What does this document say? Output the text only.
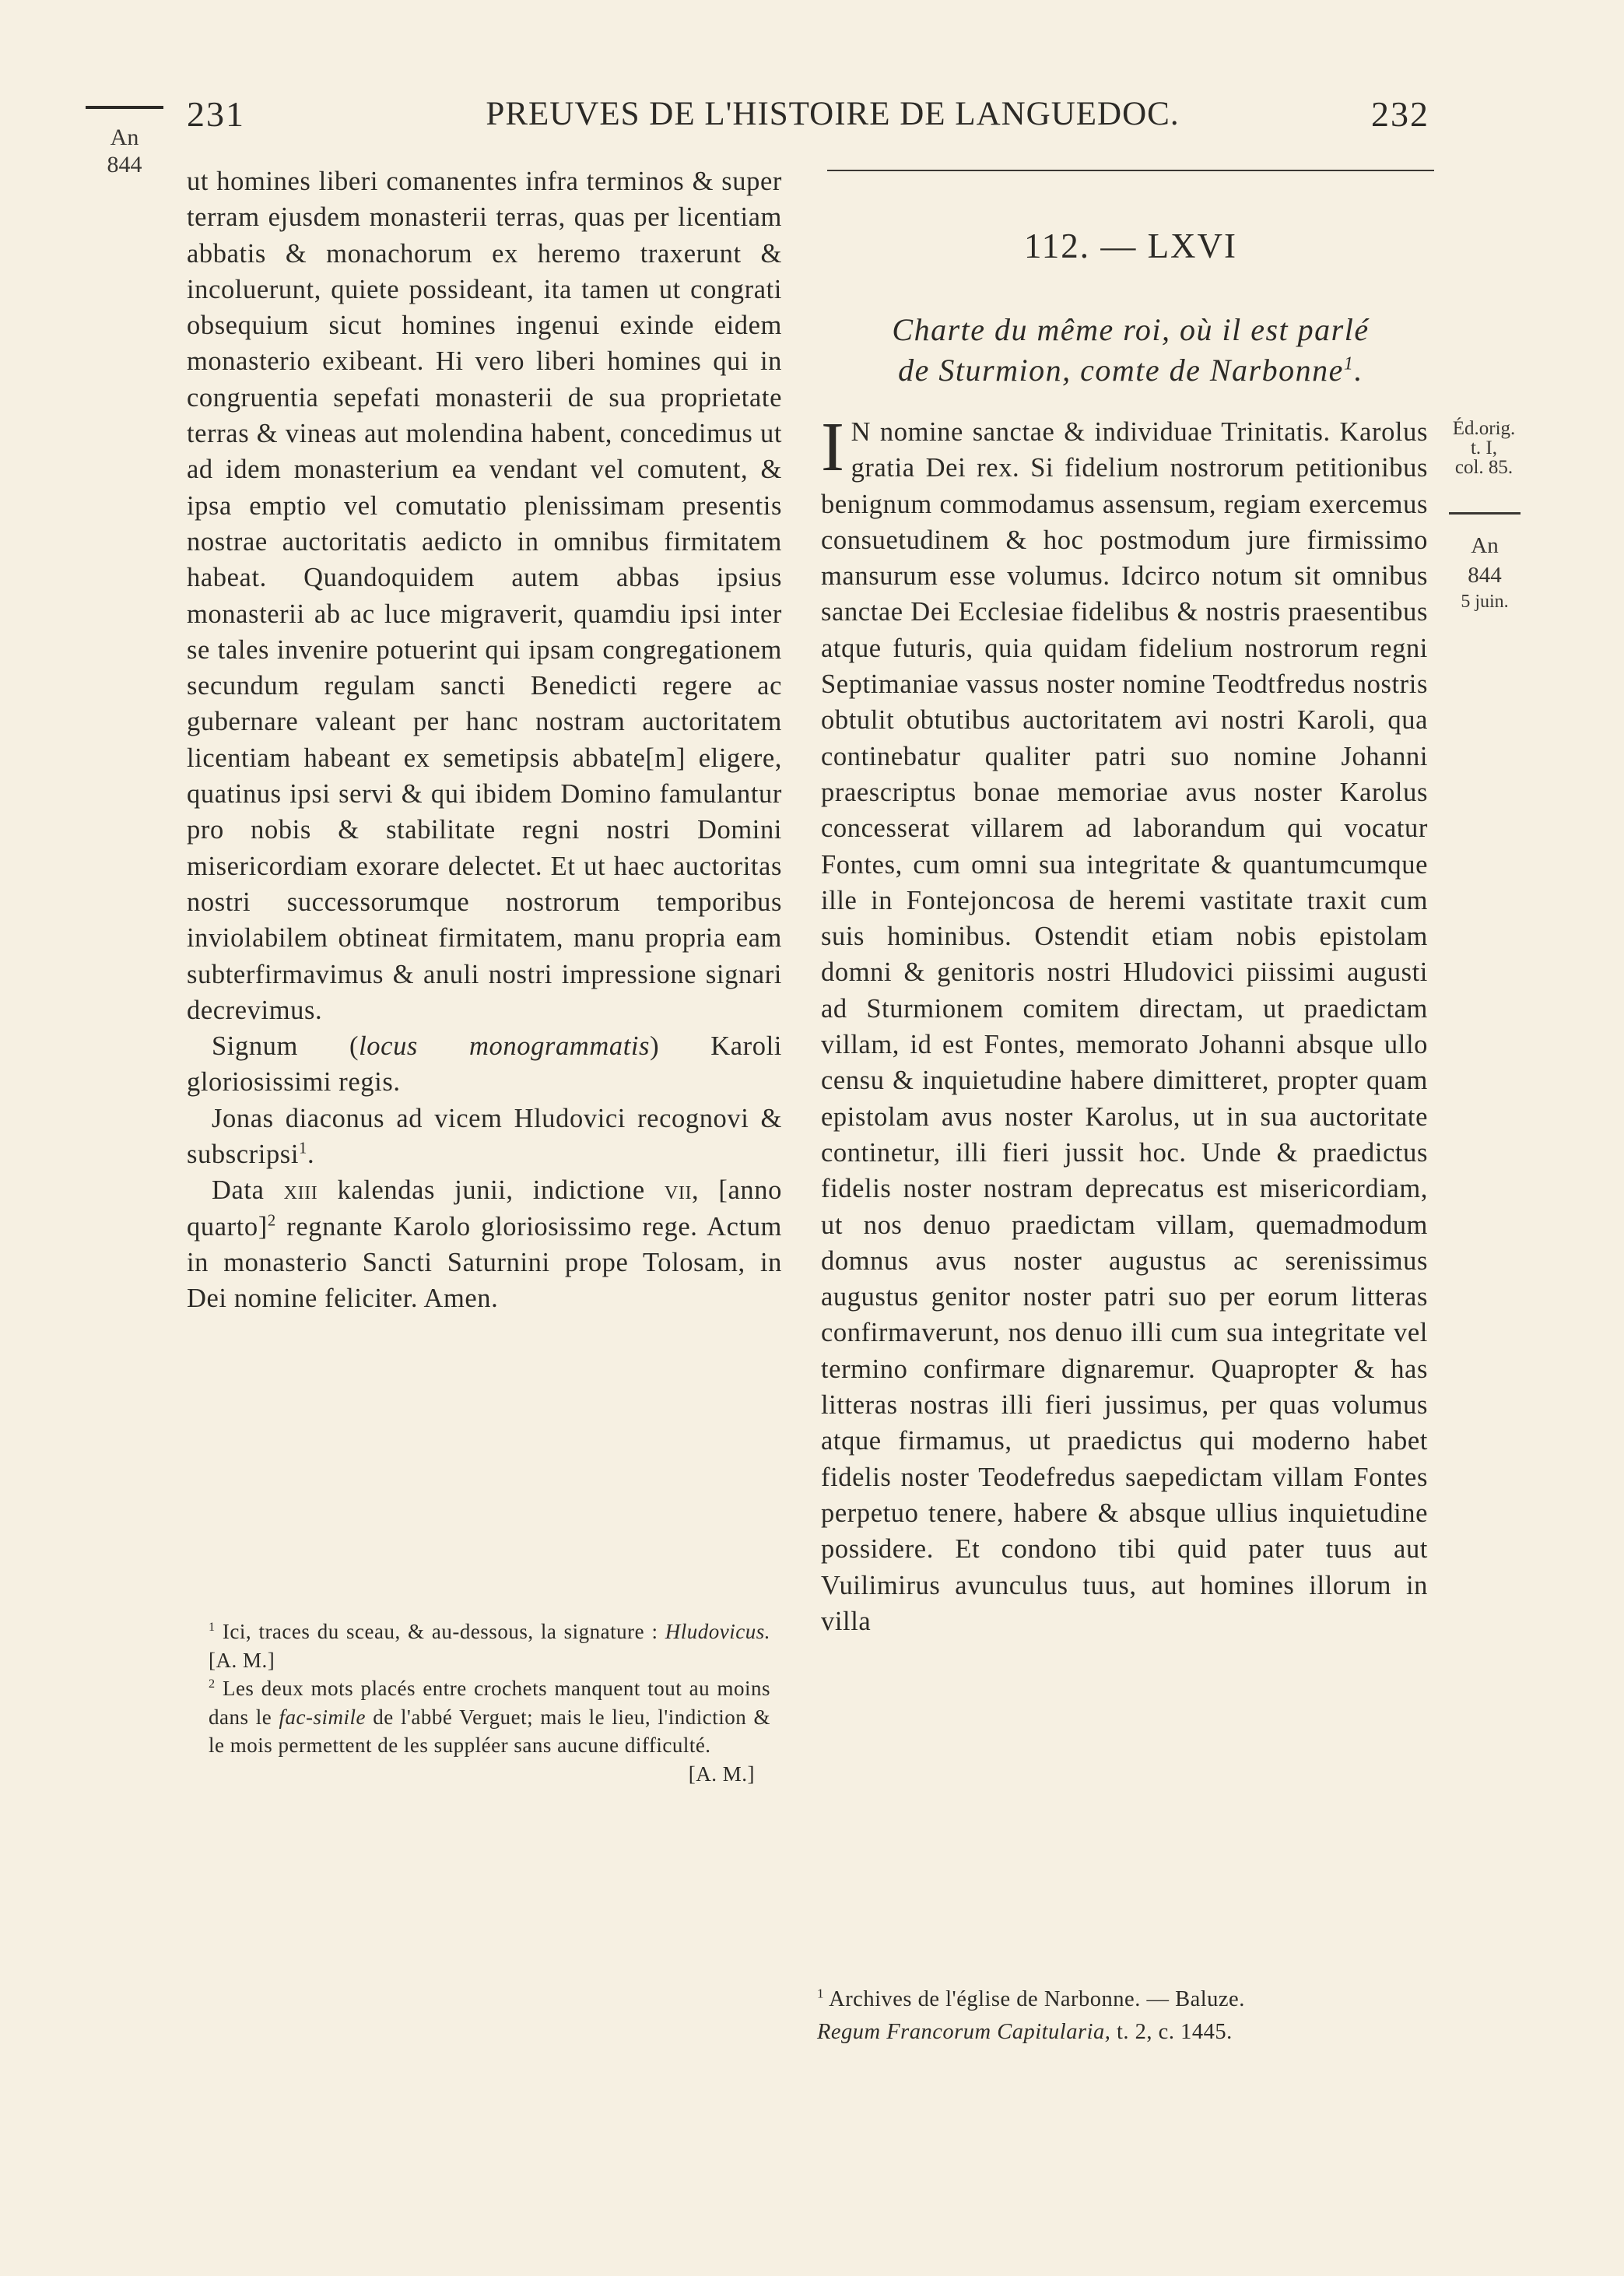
231	PREUVES DE L'HISTOIRE DE LANGUEDOC.	232
An
844

ut homines liberi comanentes infra terminos & super terram ejusdem monasterii terras, quas per licentiam abbatis & monachorum ex heremo traxerunt & incoluerunt, quiete possideant, ita tamen ut congrati obsequium sicut homines ingenui exinde eidem monasterio exibeant. Hi vero liberi homines qui in congruentia sepefati monasterii de sua proprietate terras & vineas aut molendina habent, concedimus ut ad idem monasterium ea vendant vel comutent, & ipsa emptio vel comutatio plenissimam presentis nostrae auctoritatis aedicto in omnibus firmitatem habeat. Quandoquidem autem abbas ipsius monasterii ab ac luce migraverit, quamdiu ipsi inter se tales invenire potuerint qui ipsam congregationem secundum regulam sancti Benedicti regere ac gubernare valeant per hanc nostram auctoritatem licentiam habeant ex semetipsis abbate[m] eligere, quatinus ipsi servi & qui ibidem Domino famulantur pro nobis & stabilitate regni nostri Domini misericordiam exorare delectet. Et ut haec auctoritas nostri successorumque nostrorum temporibus inviolabilem obtineat firmitatem, manu propria eam subterfirmavimus & anuli nostri impressione signari decrevimus.

Signum (locus monogrammatis) Karoli gloriosissimi regis.

Jonas diaconus ad vicem Hludovici recognovi & subscripsi$^1$.

Data xiii kalendas junii, indictione vii, [anno quarto]$^2$ regnante Karolo gloriosissimo rege. Actum in monasterio Sancti Saturnini prope Tolosam, in Dei nomine feliciter. Amen.

$^1$ Ici, traces du sceau, & au-dessous, la signature : Hludovicus. [A. M.]

$^2$ Les deux mots placés entre crochets manquent tout au moins dans le fac-simile de l'abbé Verguet; mais le lieu, l'indiction & le mois permettent de les suppléer sans aucune difficulté.

[A. M.]

112. — LXVI
Charte du même roi, où il est parlé
de Sturmion, comte de Narbonne$^1$.
Éd.orig.
t. I,
col. 85.
An
844
5 juin.

I N nomine sanctae & individuae Trinitatis. Karolus gratia Dei rex. Si fidelium nostrorum petitionibus benignum commodamus assensum, regiam exercemus consuetudinem & hoc postmodum jure firmissimo mansurum esse volumus. Idcirco notum sit omnibus sanctae Dei Ecclesiae fidelibus & nostris praesentibus atque futuris, quia quidam fidelium nostrorum regni Septimaniae vassus noster nomine Teodtfredus nostris obtulit obtutibus auctoritatem avi nostri Karoli, qua continebatur qualiter patri suo nomine Johanni praescriptus bonae memoriae avus noster Karolus concesserat villarem ad laborandum qui vocatur Fontes, cum omni sua integritate & quantumcumque ille in Fontejoncosa de heremi vastitate traxit cum suis hominibus. Ostendit etiam nobis epistolam domni & genitoris nostri Hludovici piissimi augusti ad Sturmionem comitem directam, ut praedictam villam, id est Fontes, memorato Johanni absque ullo censu & inquietudine habere dimitteret, propter quam epistolam avus noster Karolus, ut in sua auctoritate continetur, illi fieri jussit hoc. Unde & praedictus fidelis noster nostram deprecatus est misericordiam, ut nos denuo praedictam villam, quemadmodum domnus avus noster augustus ac serenissimus augustus genitor noster patri suo per eorum litteras confirmaverunt, nos denuo illi cum sua integritate vel termino confirmare dignaremur. Quapropter & has litteras nostras illi fieri jussimus, per quas volumus atque firmamus, ut praedictus qui moderno habet fidelis noster Teodefredus saepedictam villam Fontes perpetuo tenere, habere & absque ullius inquietudine possidere. Et condono tibi quid pater tuus aut Vuilimirus avunculus tuus, aut homines illorum in villa

$^1$ Archives de l'église de Narbonne. — Baluze.

Regum Francorum Capitularia, t. 2, c. 1445.
